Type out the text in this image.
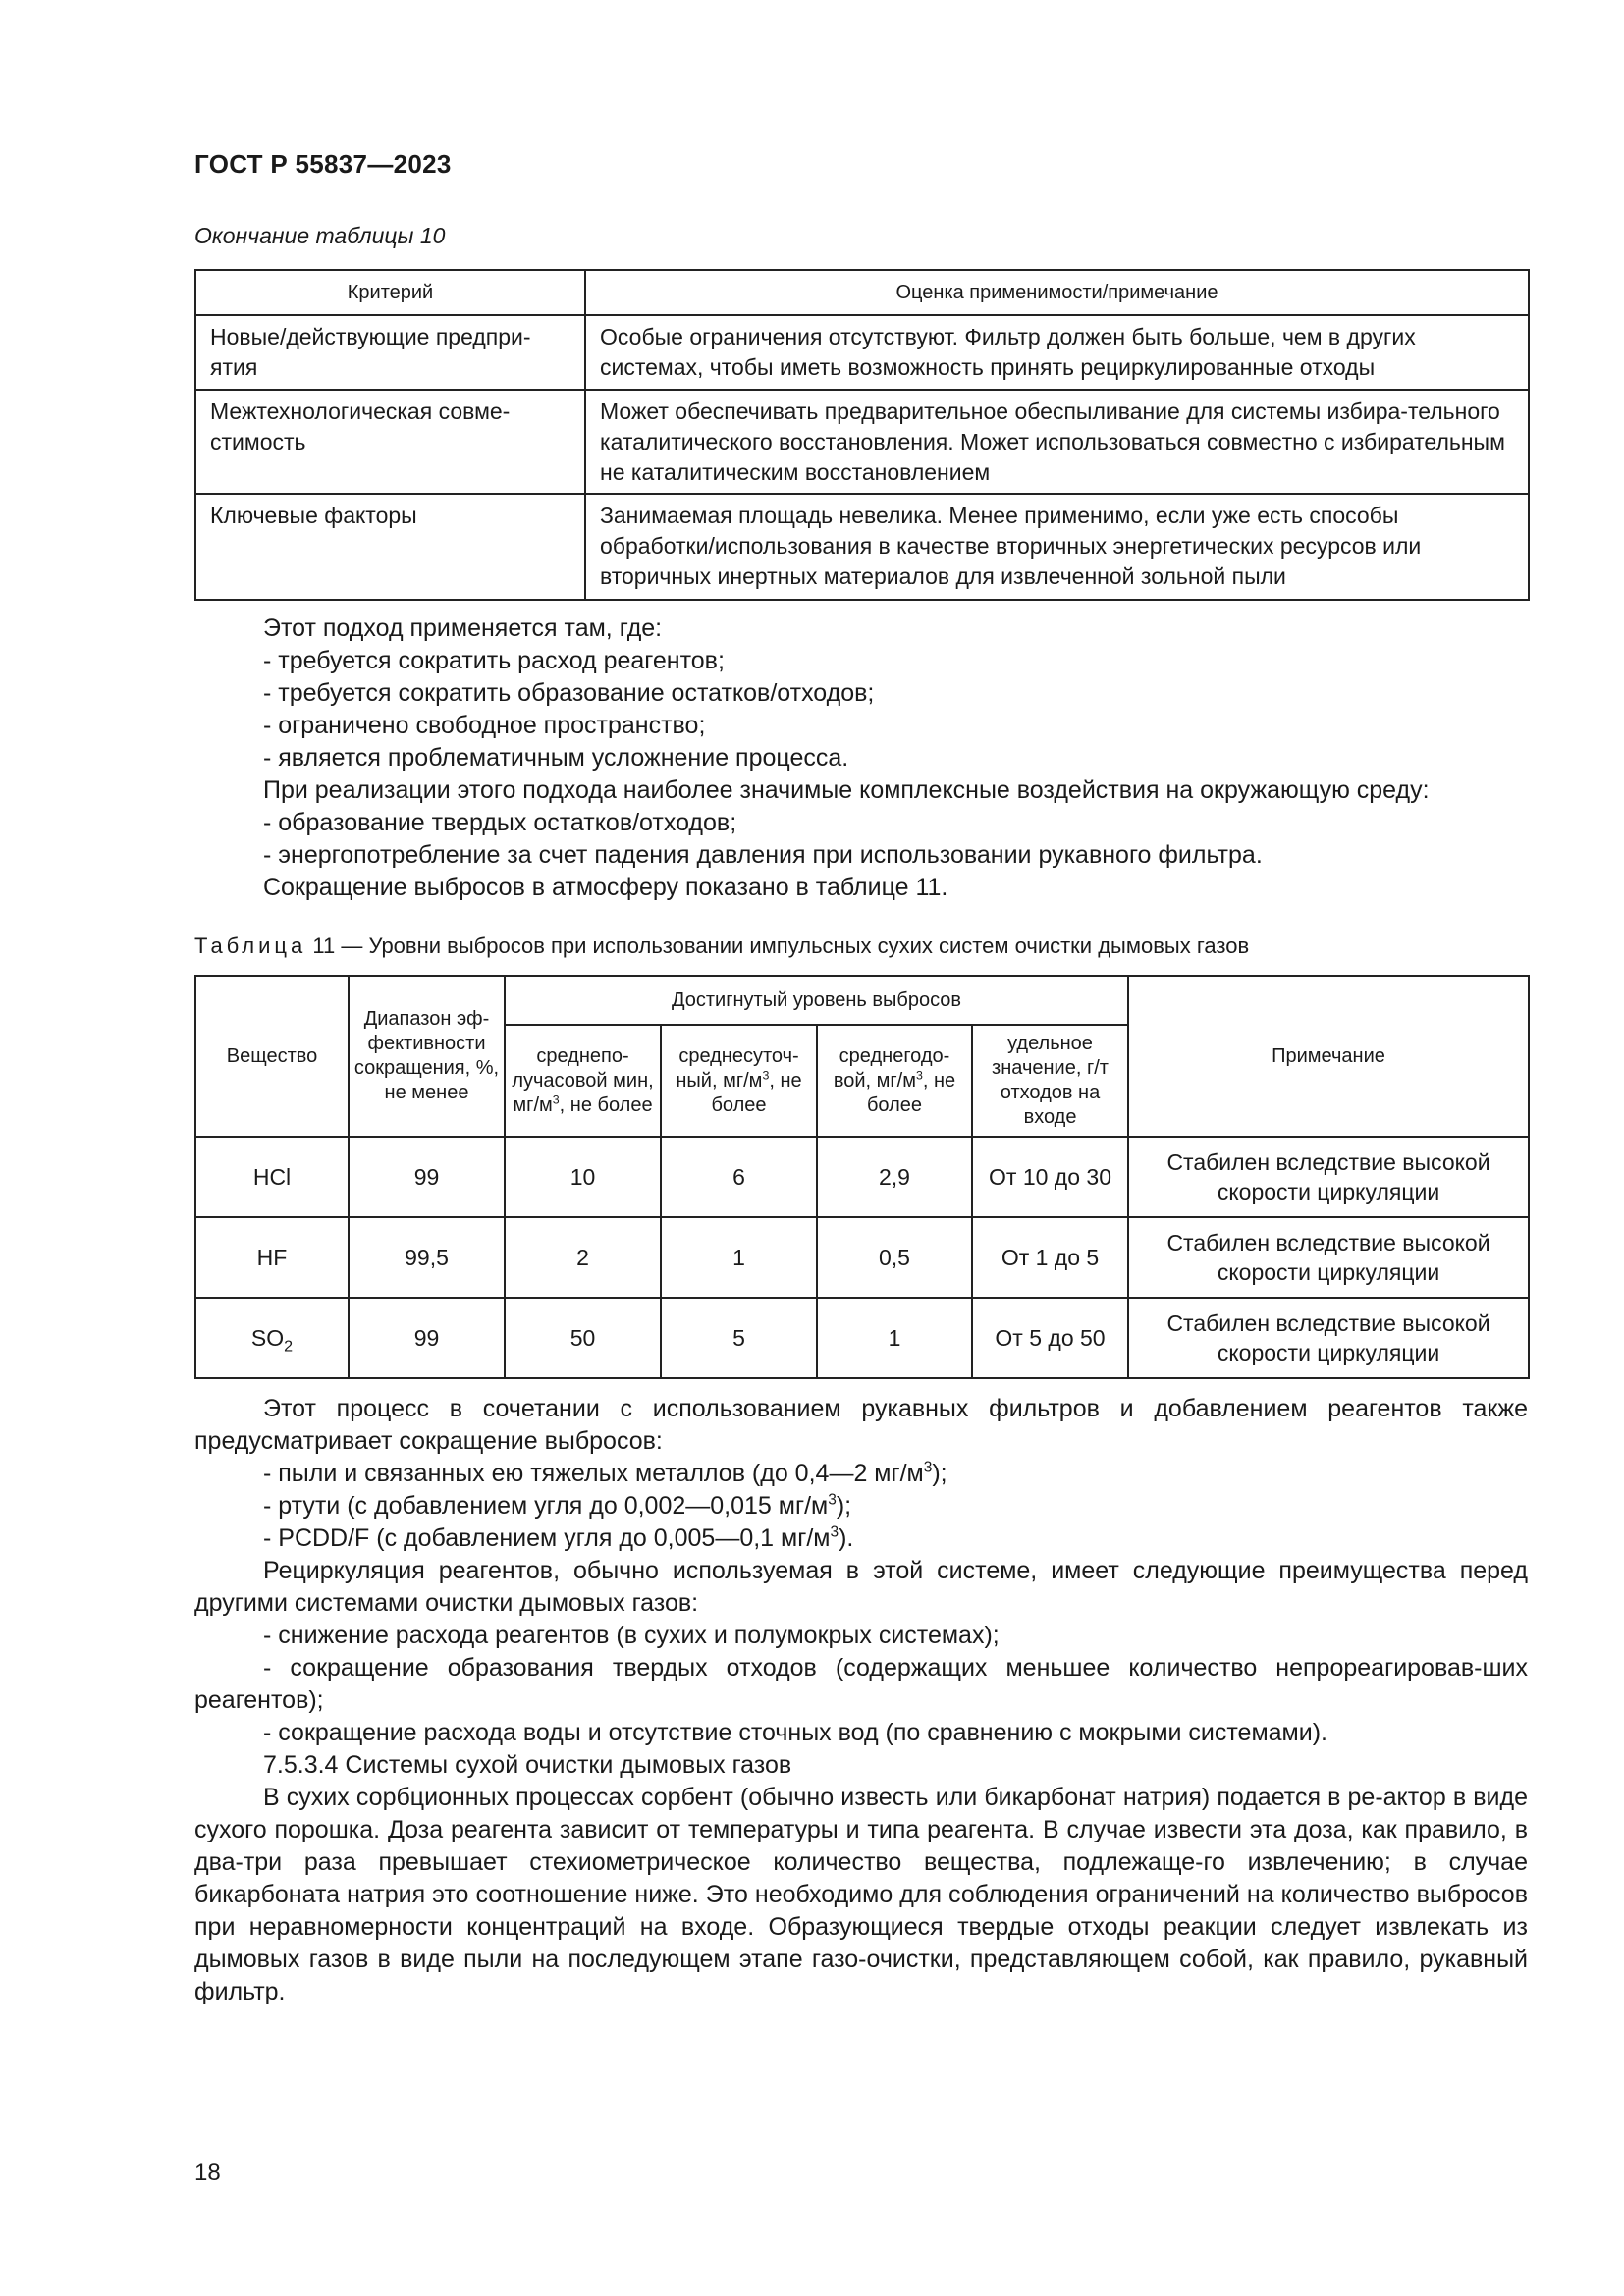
ГОСТ Р 55837—2023
Окончание таблицы 10
Критерий	Оценка применимости/примечание
Новые/действующие предпри-ятия	Особые ограничения отсутствуют. Фильтр должен быть больше, чем в других системах, чтобы иметь возможность принять рециркулированные отходы
Межтехнологическая совме-стимость	Может обеспечивать предварительное обеспыливание для системы избира-тельного каталитического восстановления. Может использоваться совместно с избирательным не каталитическим восстановлением
Ключевые факторы	Занимаемая площадь невелика. Менее применимо, если уже есть способы обработки/использования в качестве вторичных энергетических ресурсов или вторичных инертных материалов для извлеченной зольной пыли

Этот подход применяется там, где:

- требуется сократить расход реагентов;

- требуется сократить образование остатков/отходов;

- ограничено свободное пространство;

- является проблематичным усложнение процесса.

При реализации этого подхода наиболее значимые комплексные воздействия на окружающую среду:

- образование твердых остатков/отходов;

- энергопотребление за счет падения давления при использовании рукавного фильтра.

Сокращение выбросов в атмосферу показано в таблице 11.

Таблица 11 — Уровни выбросов при использовании импульсных сухих систем очистки дымовых газов
Вещество	Диапазон эф-фективности сокращения, %, не менее	Достигнутый уровень выбросов				Примечание
		среднепо-лучасовой мин, $мг/м^3$, не более	среднесуточ-ный, $мг/м^3$, не более	среднегодо-вой, $мг/м^3$, не более	удельное значение, г/т отходов на входе	
HCl	99	10	6	2,9	От 10 до 30	Стабилен вследствие высокой скорости циркуляции
HF	99,5	2	1	0,5	От 1 до 5	Стабилен вследствие высокой скорости циркуляции
$SO_2$	99	50	5	1	От 5 до 50	Стабилен вследствие высокой скорости циркуляции

Этот процесс в сочетании с использованием рукавных фильтров и добавлением реагентов также предусматривает сокращение выбросов:

- пыли и связанных ею тяжелых металлов (до 0,4—2 $мг/м^3$);

- ртути (с добавлением угля до 0,002—0,015 $мг/м^3$);

- PCDD/F (с добавлением угля до 0,005—0,1 $мг/м^3$).

Рециркуляция реагентов, обычно используемая в этой системе, имеет следующие преимущества перед другими системами очистки дымовых газов:

- снижение расхода реагентов (в сухих и полумокрых системах);

- сокращение образования твердых отходов (содержащих меньшее количество непрореагировав-ших реагентов);

- сокращение расхода воды и отсутствие сточных вод (по сравнению с мокрыми системами).

7.5.3.4 Системы сухой очистки дымовых газов

В сухих сорбционных процессах сорбент (обычно известь или бикарбонат натрия) подается в ре-актор в виде сухого порошка. Доза реагента зависит от температуры и типа реагента. В случае извести эта доза, как правило, в два-три раза превышает стехиометрическое количество вещества, подлежаще-го извлечению; в случае бикарбоната натрия это соотношение ниже. Это необходимо для соблюдения ограничений на количество выбросов при неравномерности концентраций на входе. Образующиеся твердые отходы реакции следует извлекать из дымовых газов в виде пыли на последующем этапе газо-очистки, представляющем собой, как правило, рукавный фильтр.

18
